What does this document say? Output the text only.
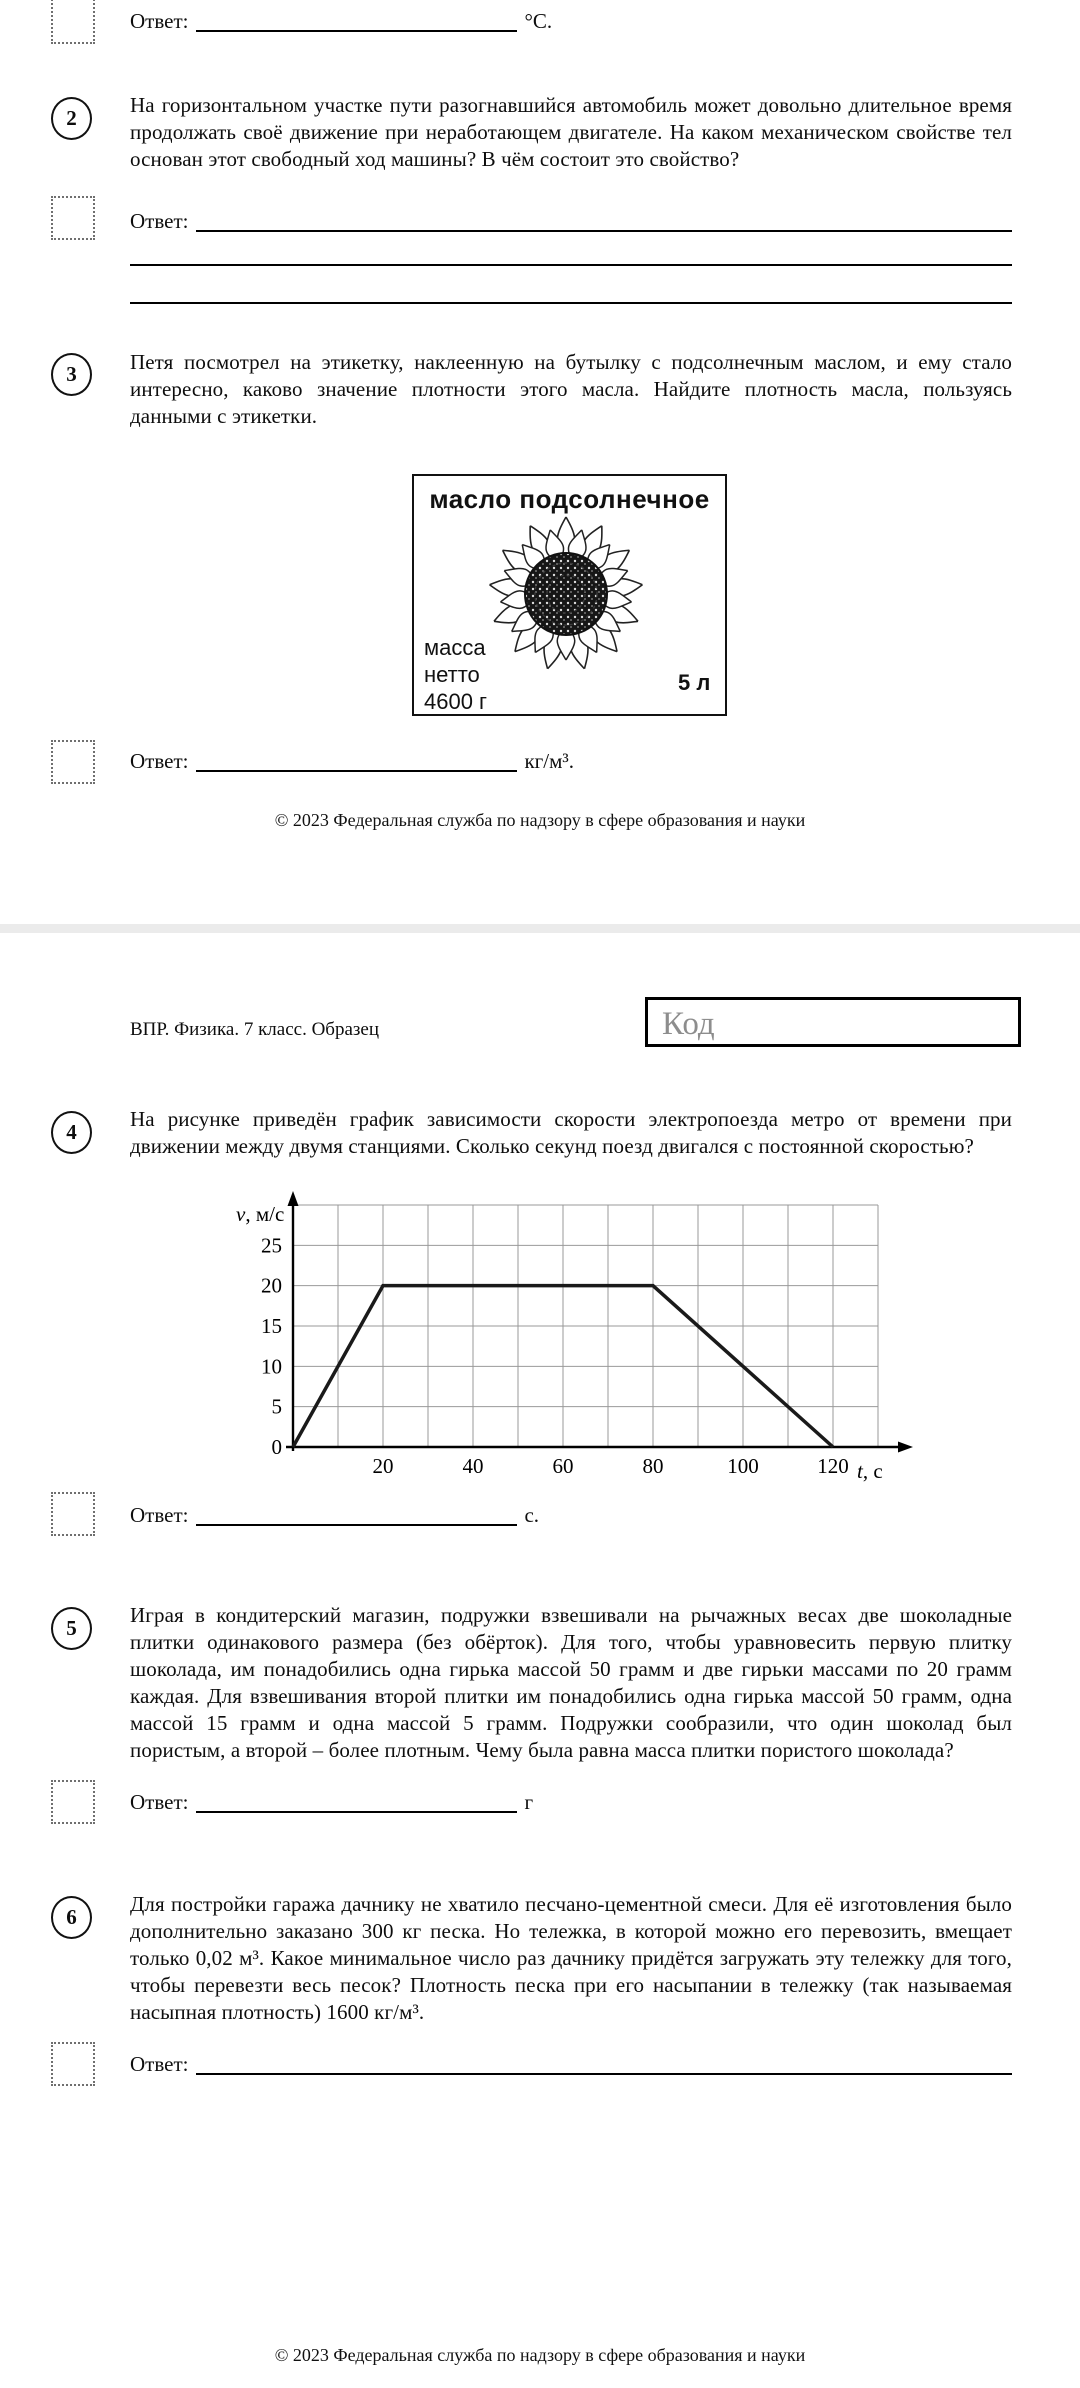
Ответ:	°С.
2
На горизонтальном участке пути разогнавшийся автомобиль может довольно длительное время продолжать своё движение при неработающем двигателе. На каком механическом свойстве тел основан этот свободный ход машины? В чём состоит это свойство?
Ответ:
3	Петя посмотрел на этикетку, наклеенную на бутылку с подсолнечным маслом, и ему стало интересно, каково значение плотности этого масла. Найдите плотность масла, пользуясь данными с этикетки.
масло подсолнечное
масса
нетто
4600 г
5 л
Ответ:	кг/м³.
© 2023 Федеральная служба по надзору в сфере образования и науки
ВПР. Физика. 7 класс. Образец	Код
4
На рисунке приведён график зависимости скорости электропоезда метро от времени при движении между двумя станциями. Сколько секунд поезд двигался с постоянной скоростью?
20	40	60	80	100	120
0
5
10
15
20
25
v, м/с
t, с
Ответ:	с.
5
Играя в кондитерский магазин, подружки взвешивали на рычажных весах две шоколадные плитки одинакового размера (без обёрток). Для того, чтобы уравновесить первую плитку шоколада, им понадобились одна гирька массой 50 грамм и две гирьки массами по 20 грамм каждая. Для взвешивания второй плитки им понадобились одна гирька массой 50 грамм, одна массой 15 грамм и одна массой 5 грамм. Подружки сообразили, что один шоколад был пористым, а второй – более плотным. Чему была равна масса плитки пористого шоколада?
Ответ:	г
6
Для постройки гаража дачнику не хватило песчано-цементной смеси. Для её изготовления было дополнительно заказано 300 кг песка. Но тележка, в которой можно его перевозить, вмещает только 0,02 м³. Какое минимальное число раз дачнику придётся загружать эту тележку для того, чтобы перевезти весь песок? Плотность песка при его насыпании в тележку (так называемая насыпная плотность) 1600 кг/м³.
Ответ:
© 2023 Федеральная служба по надзору в сфере образования и науки
